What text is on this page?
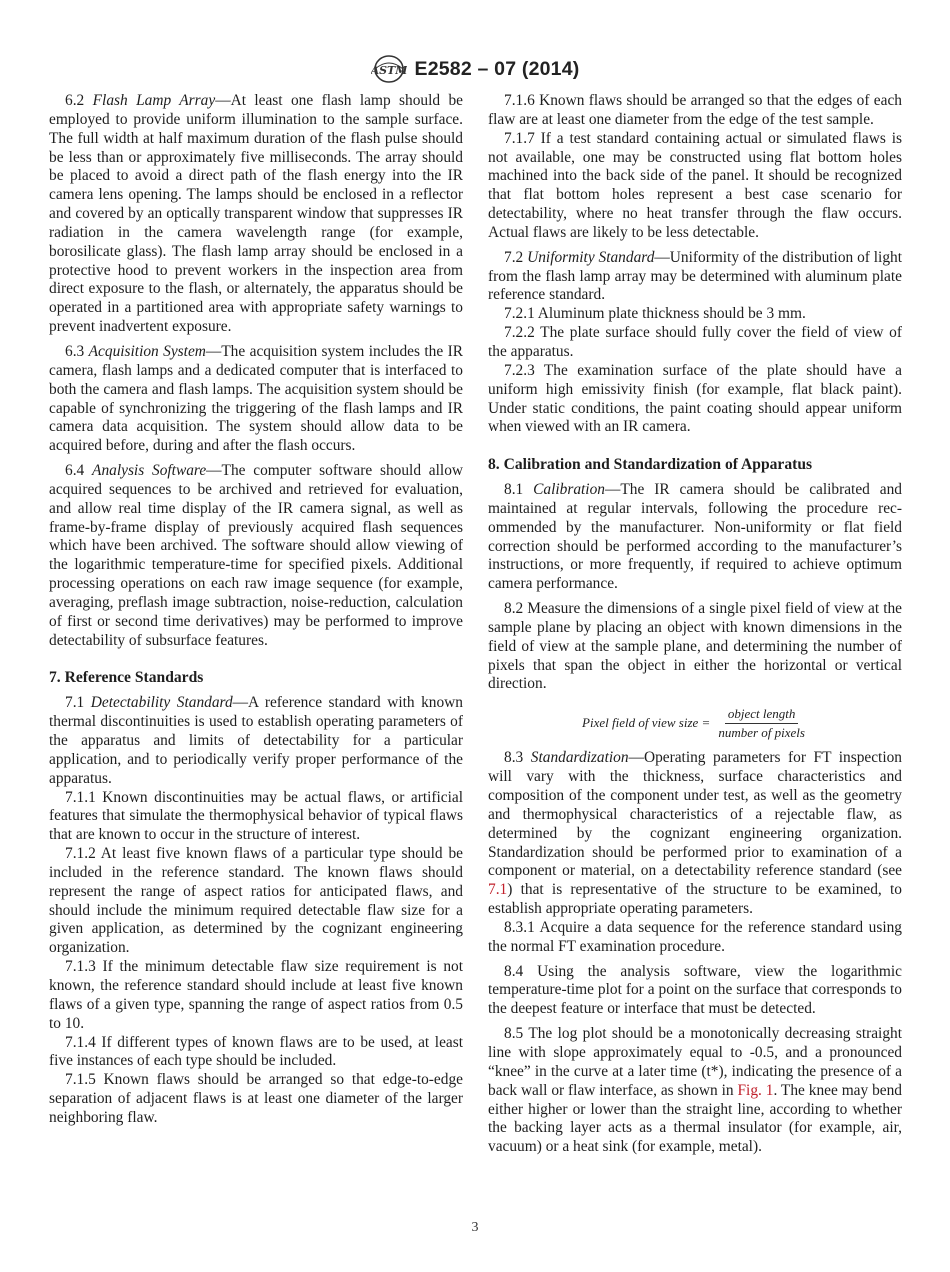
ASTM E2582 – 07 (2014)

6.2 Flash Lamp Array—At least one flash lamp should be employed to provide uniform illumination to the sample surface. The full width at half maximum duration of the flash pulse should be less than or approximately five milliseconds. The array should be placed to avoid a direct path of the flash energy into the IR camera lens opening. The lamps should be enclosed in a reflector and covered by an optically transparent window that suppresses IR radiation in the camera wavelength range (for example, borosilicate glass). The flash lamp array should be enclosed in a protective hood to prevent workers in the inspection area from direct exposure to the flash, or alternately, the apparatus should be operated in a partitioned area with appropriate safety warnings to prevent inadvertent exposure.

6.3 Acquisition System—The acquisition system includes the IR camera, flash lamps and a dedicated computer that is interfaced to both the camera and flash lamps. The acquisition system should be capable of synchronizing the triggering of the flash lamps and IR camera data acquisition. The system should allow data to be acquired before, during and after the flash occurs.

6.4 Analysis Software—The computer software should allow acquired sequences to be archived and retrieved for evaluation, and allow real time display of the IR camera signal, as well as frame-by-frame display of previously acquired flash sequences which have been archived. The software should allow viewing of the logarithmic temperature-time for specified pixels. Additional processing operations on each raw image sequence (for example, averaging, preflash image subtraction, noise-reduction, calculation of first or second time derivatives) may be performed to improve detectability of subsurface features.

7. Reference Standards

7.1 Detectability Standard—A reference standard with known thermal discontinuities is used to establish operating parameters of the apparatus and limits of detectability for a particular application, and to periodically verify proper performance of the apparatus.

7.1.1 Known discontinuities may be actual flaws, or artificial features that simulate the thermophysical behavior of typical flaws that are known to occur in the structure of interest.

7.1.2 At least five known flaws of a particular type should be included in the reference standard. The known flaws should represent the range of aspect ratios for anticipated flaws, and should include the minimum required detectable flaw size for a given application, as determined by the cognizant engineering organization.

7.1.3 If the minimum detectable flaw size requirement is not known, the reference standard should include at least five known flaws of a given type, spanning the range of aspect ratios from 0.5 to 10.

7.1.4 If different types of known flaws are to be used, at least five instances of each type should be included.

7.1.5 Known flaws should be arranged so that edge-to-edge separation of adjacent flaws is at least one diameter of the larger neighboring flaw.

7.1.6 Known flaws should be arranged so that the edges of each flaw are at least one diameter from the edge of the test sample.

7.1.7 If a test standard containing actual or simulated flaws is not available, one may be constructed using flat bottom holes machined into the back side of the panel. It should be recognized that flat bottom holes represent a best case scenario for detectability, where no heat transfer through the flaw occurs. Actual flaws are likely to be less detectable.

7.2 Uniformity Standard—Uniformity of the distribution of light from the flash lamp array may be determined with aluminum plate reference standard.

7.2.1 Aluminum plate thickness should be 3 mm.

7.2.2 The plate surface should fully cover the field of view of the apparatus.

7.2.3 The examination surface of the plate should have a uniform high emissivity finish (for example, flat black paint). Under static conditions, the paint coating should appear uniform when viewed with an IR camera.

8. Calibration and Standardization of Apparatus

8.1 Calibration—The IR camera should be calibrated and maintained at regular intervals, following the procedure recommended by the manufacturer. Non-uniformity or flat field correction should be performed according to the manufacturer’s instructions, or more frequently, if required to achieve optimum camera performance.

8.2 Measure the dimensions of a single pixel field of view at the sample plane by placing an object with known dimensions in the field of view at the sample plane, and determining the number of pixels that span the object in either the horizontal or vertical direction.

Pixel field of view size = $\frac{\text{object length}}{\text{number of pixels}}$

8.3 Standardization—Operating parameters for FT inspection will vary with the thickness, surface characteristics and composition of the component under test, as well as the geometry and thermophysical characteristics of a rejectable flaw, as determined by the cognizant engineering organization. Standardization should be performed prior to examination of a component or material, on a detectability reference standard (see 7.1) that is representative of the structure to be examined, to establish appropriate operating parameters.

8.3.1 Acquire a data sequence for the reference standard using the normal FT examination procedure.

8.4 Using the analysis software, view the logarithmic temperature-time plot for a point on the surface that corresponds to the deepest feature or interface that must be detected.

8.5 The log plot should be a monotonically decreasing straight line with slope approximately equal to -0.5, and a pronounced “knee” in the curve at a later time (t*), indicating the presence of a back wall or flaw interface, as shown in Fig. 1. The knee may bend either higher or lower than the straight line, according to whether the backing layer acts as a thermal insulator (for example, air, vacuum) or a heat sink (for example, metal).

3
